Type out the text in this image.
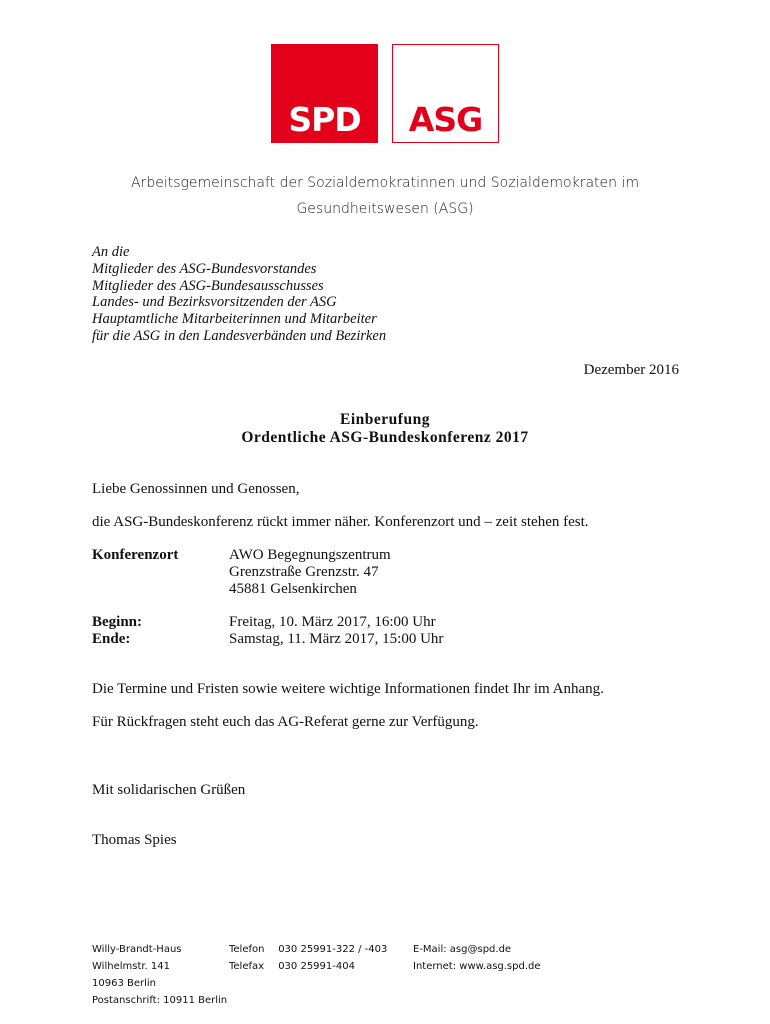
SPD	ASG
Arbeitsgemeinschaft der Sozialdemokratinnen und Sozialdemokraten im
Gesundheitswesen (ASG)
An die
Mitglieder des ASG-Bundesvorstandes
Mitglieder des ASG-Bundesausschusses
Landes- und Bezirksvorsitzenden der ASG
Hauptamtliche Mitarbeiterinnen und Mitarbeiter
für die ASG in den Landesverbänden und Bezirken
Dezember 2016
Einberufung
Ordentliche ASG-Bundeskonferenz 2017
Liebe Genossinnen und Genossen,
die ASG-Bundeskonferenz rückt immer näher. Konferenzort und – zeit stehen fest.
Konferenzort	AWO Begegnungszentrum
Grenzstraße Grenzstr. 47
45881 Gelsenkirchen
Beginn:	Freitag, 10. März 2017, 16:00 Uhr
Ende:	Samstag, 11. März 2017, 15:00 Uhr
Die Termine und Fristen sowie weitere wichtige Informationen findet Ihr im Anhang.
Für Rückfragen steht euch das AG-Referat gerne zur Verfügung.
Mit solidarischen Grüßen
Thomas Spies
Willy-Brandt-Haus
Wilhelmstr. 141
10963 Berlin
Postanschrift: 10911 Berlin
Telefon 030 25991-322 / -403
Telefax 030 25991-404
E-Mail: asg@spd.de
Internet: www.asg.spd.de
